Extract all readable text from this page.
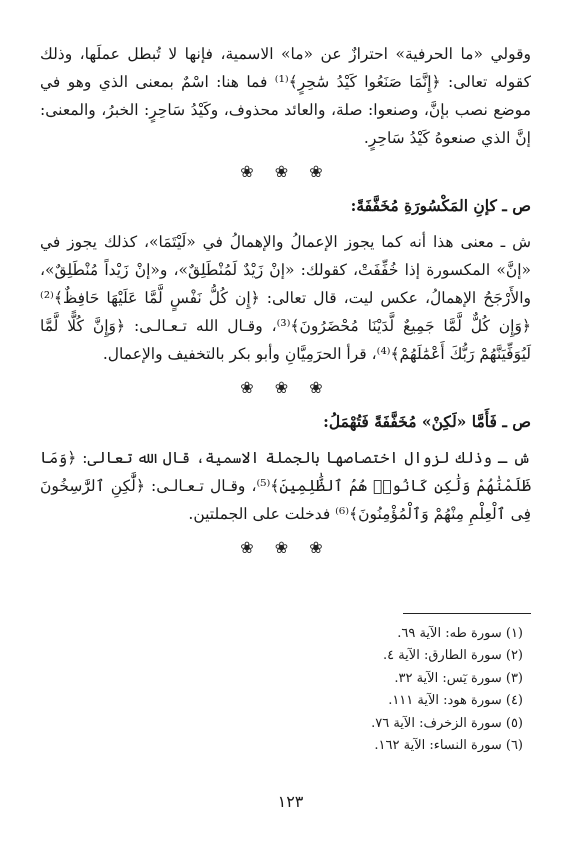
وقولي «ما الحرفية» احترازٌ عن «ما» الاسمية، فإنها لا تُبطل عملَها، وذلك كقوله تعالى: ﴿إِنَّمَا صَنَعُوا كَيْدُ سَٰحِرٍ﴾⁽¹⁾ فما هنا: اسْمٌ بمعنى الذي وهو في موضع نصب بإنَّ، وصنعوا: صلة، والعائد محذوف، وكَيْدُ سَاحِرٍ: الخبرُ، والمعنى: إنَّ الذي صنعوهُ كَيْدُ سَاحِرٍ.

❀ ❀ ❀

ص ـ كإنِ المَكْسُورَةِ مُخَفَّفَةً:

ش ـ معنى هذا أنه كما يجوز الإعمالُ والإهمالُ في «لَيْتَمَا»، كذلك يجوز في «إنَّ» المكسورة إذا خُفِّفَتْ، كقولك: «إنْ زَيْدٌ لَمُنْطَلِقٌ»، و«إنْ زَيْداً مُنْطَلِقٌ»، والأَرْجَحُ الإهمالُ، عكس ليت، قال تعالى: ﴿إِن كُلُّ نَفْسٍ لَّمَّا عَلَيْهَا حَافِظٌ﴾⁽²⁾ ﴿وَإِن كُلٌّ لَّمَّا جَمِيعٌ لَّدَيْنَا مُحْضَرُونَ﴾⁽³⁾، وقـال الله تـعـالـى: ﴿وَإِنَّ كُلًّا لَّمَّا لَيُوَفِّيَنَّهُمْ رَبُّكَ أَعْمَٰلَهُمْ﴾⁽⁴⁾، قرأ الحرَمِيَّانِ وأبو بكر بالتخفيف والإعمال.

❀ ❀ ❀

ص ـ فَأَمَّا «لَكِنْ» مُخَفَّفَةً فَتُهْمَلُ:

ش ـ وذلك لزوال اختصاصها بالجملة الاسمية، قال الله تعالى: ﴿وَمَا ظَلَمْنَٰهُمْ وَلَٰكِن كَانُوا۟ هُمُ ٱلظَّٰلِمِينَ﴾⁽⁵⁾، وقـال تـعـالـى: ﴿لَّٰكِنِ ٱلرَّٰسِخُونَ فِى ٱلْعِلْمِ مِنْهُمْ وَٱلْمُؤْمِنُونَ﴾⁽⁶⁾ فدخلت على الجملتين.

❀ ❀ ❀
(١) سورة طه: الآية ٦٩.
(٢) سورة الطارق: الآية ٤.
(٣) سورة يٓس: الآية ٣٢.
(٤) سورة هود: الآية ١١١.
(٥) سورة الزخرف: الآية ٧٦.
(٦) سورة النساء: الآية ١٦٢.
١٢٣
